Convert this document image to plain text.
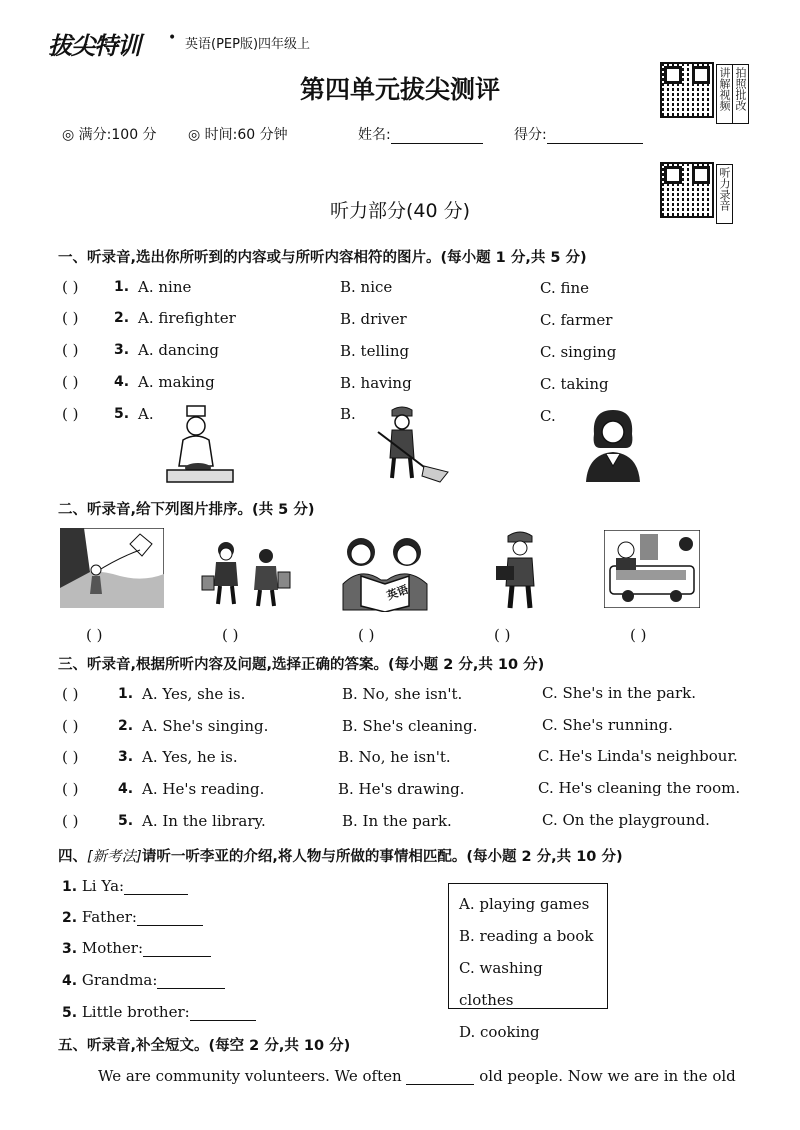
拔尖特训 • 英语(PEP版)四年级上
第四单元拔尖测评	讲解视频 拍照批改
听力录音
◎ 满分:100 分 ◎ 时间:60 分钟	姓名:	得分:
听力部分(40 分)
一、听录音,选出你所听到的内容或与所听内容相符的图片。(每小题 1 分,共 5 分)
( )	1. A. nine	B. nice	C. fine
( )	2. A. firefighter	B. driver	C. farmer
( )	3. A. dancing	B. telling	C. singing
( )	4. A. making	B. having	C. taking
( )	5. A.	B.	C.
二、听录音,给下列图片排序。(共 5 分)
英语
( )	( )	( )	( )	( )
三、听录音,根据所听内容及问题,选择正确的答案。(每小题 2 分,共 10 分)
( )	1. A. Yes, she is.	B. No, she isn't.	C. She's in the park.
( )	2. A. She's singing.	B. She's cleaning.	C. She's running.
( )	3. A. Yes, he is.	B. No, he isn't.	C. He's Linda's neighbour.
( )	4. A. He's reading.	B. He's drawing.	C. He's cleaning the room.
( )	5. A. In the library.	B. In the park.	C. On the playground.
四、[新考法]请听一听李亚的介绍,将人物与所做的事情相匹配。(每小题 2 分,共 10 分)
1. Li Ya:
2. Father:
3. Mother:
4. Grandma:
5. Little brother:
A. playing games
B. reading a book
C. washing clothes
D. cooking
五、听录音,补全短文。(每空 2 分,共 10 分)
We are community volunteers. We often	old people. Now we are in the old
